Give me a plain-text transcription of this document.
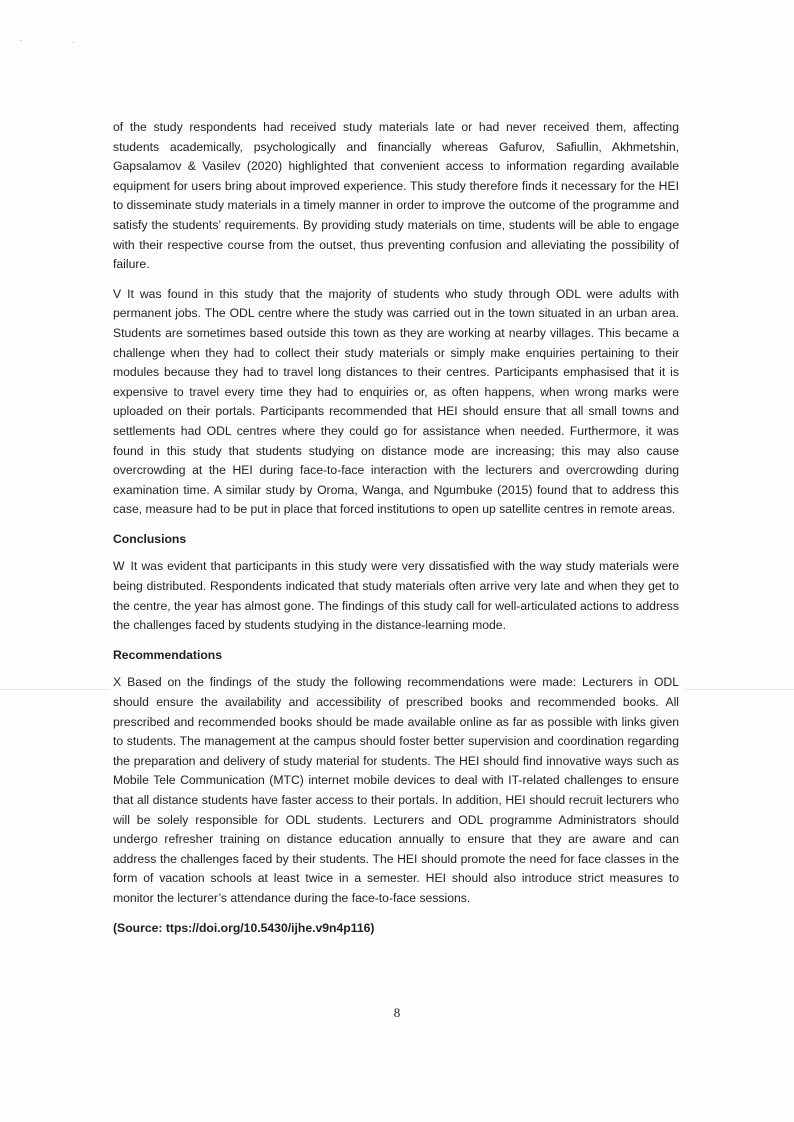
of the study respondents had received study materials late or had never received them, affecting students academically, psychologically and financially whereas Gafurov, Safiullin, Akhmetshin, Gapsalamov & Vasilev (2020) highlighted that convenient access to information regarding available equipment for users bring about improved experience. This study therefore finds it necessary for the HEI to disseminate study materials in a timely manner in order to improve the outcome of the programme and satisfy the students’ requirements. By providing study materials on time, students will be able to engage with their respective course from the outset, thus preventing confusion and alleviating the possibility of failure.

V It was found in this study that the majority of students who study through ODL were adults with permanent jobs. The ODL centre where the study was carried out in the town situated in an urban area. Students are sometimes based outside this town as they are working at nearby villages. This became a challenge when they had to collect their study materials or simply make enquiries pertaining to their modules because they had to travel long distances to their centres. Participants emphasised that it is expensive to travel every time they had to enquiries or, as often happens, when wrong marks were uploaded on their portals. Participants recommended that HEI should ensure that all small towns and settlements had ODL centres where they could go for assistance when needed. Furthermore, it was found in this study that students studying on distance mode are increasing; this may also cause overcrowding at the HEI during face-to-face interaction with the lecturers and overcrowding during examination time. A similar study by Oroma, Wanga, and Ngumbuke (2015) found that to address this case, measure had to be put in place that forced institutions to open up satellite centres in remote areas.

Conclusions

W It was evident that participants in this study were very dissatisfied with the way study materials were being distributed. Respondents indicated that study materials often arrive very late and when they get to the centre, the year has almost gone. The findings of this study call for well-articulated actions to address the challenges faced by students studying in the distance-learning mode.

Recommendations

X Based on the findings of the study the following recommendations were made: Lecturers in ODL should ensure the availability and accessibility of prescribed books and recommended books. All prescribed and recommended books should be made available online as far as possible with links given to students. The management at the campus should foster better supervision and coordination regarding the preparation and delivery of study material for students. The HEI should find innovative ways such as Mobile Tele Communication (MTC) internet mobile devices to deal with IT-related challenges to ensure that all distance students have faster access to their portals. In addition, HEI should recruit lecturers who will be solely responsible for ODL students. Lecturers and ODL programme Administrators should undergo refresher training on distance education annually to ensure that they are aware and can address the challenges faced by their students. The HEI should promote the need for face classes in the form of vacation schools at least twice in a semester. HEI should also introduce strict measures to monitor the lecturer’s attendance during the face-to-face sessions.

(Source: ttps://doi.org/10.5430/ijhe.v9n4p116)

8
